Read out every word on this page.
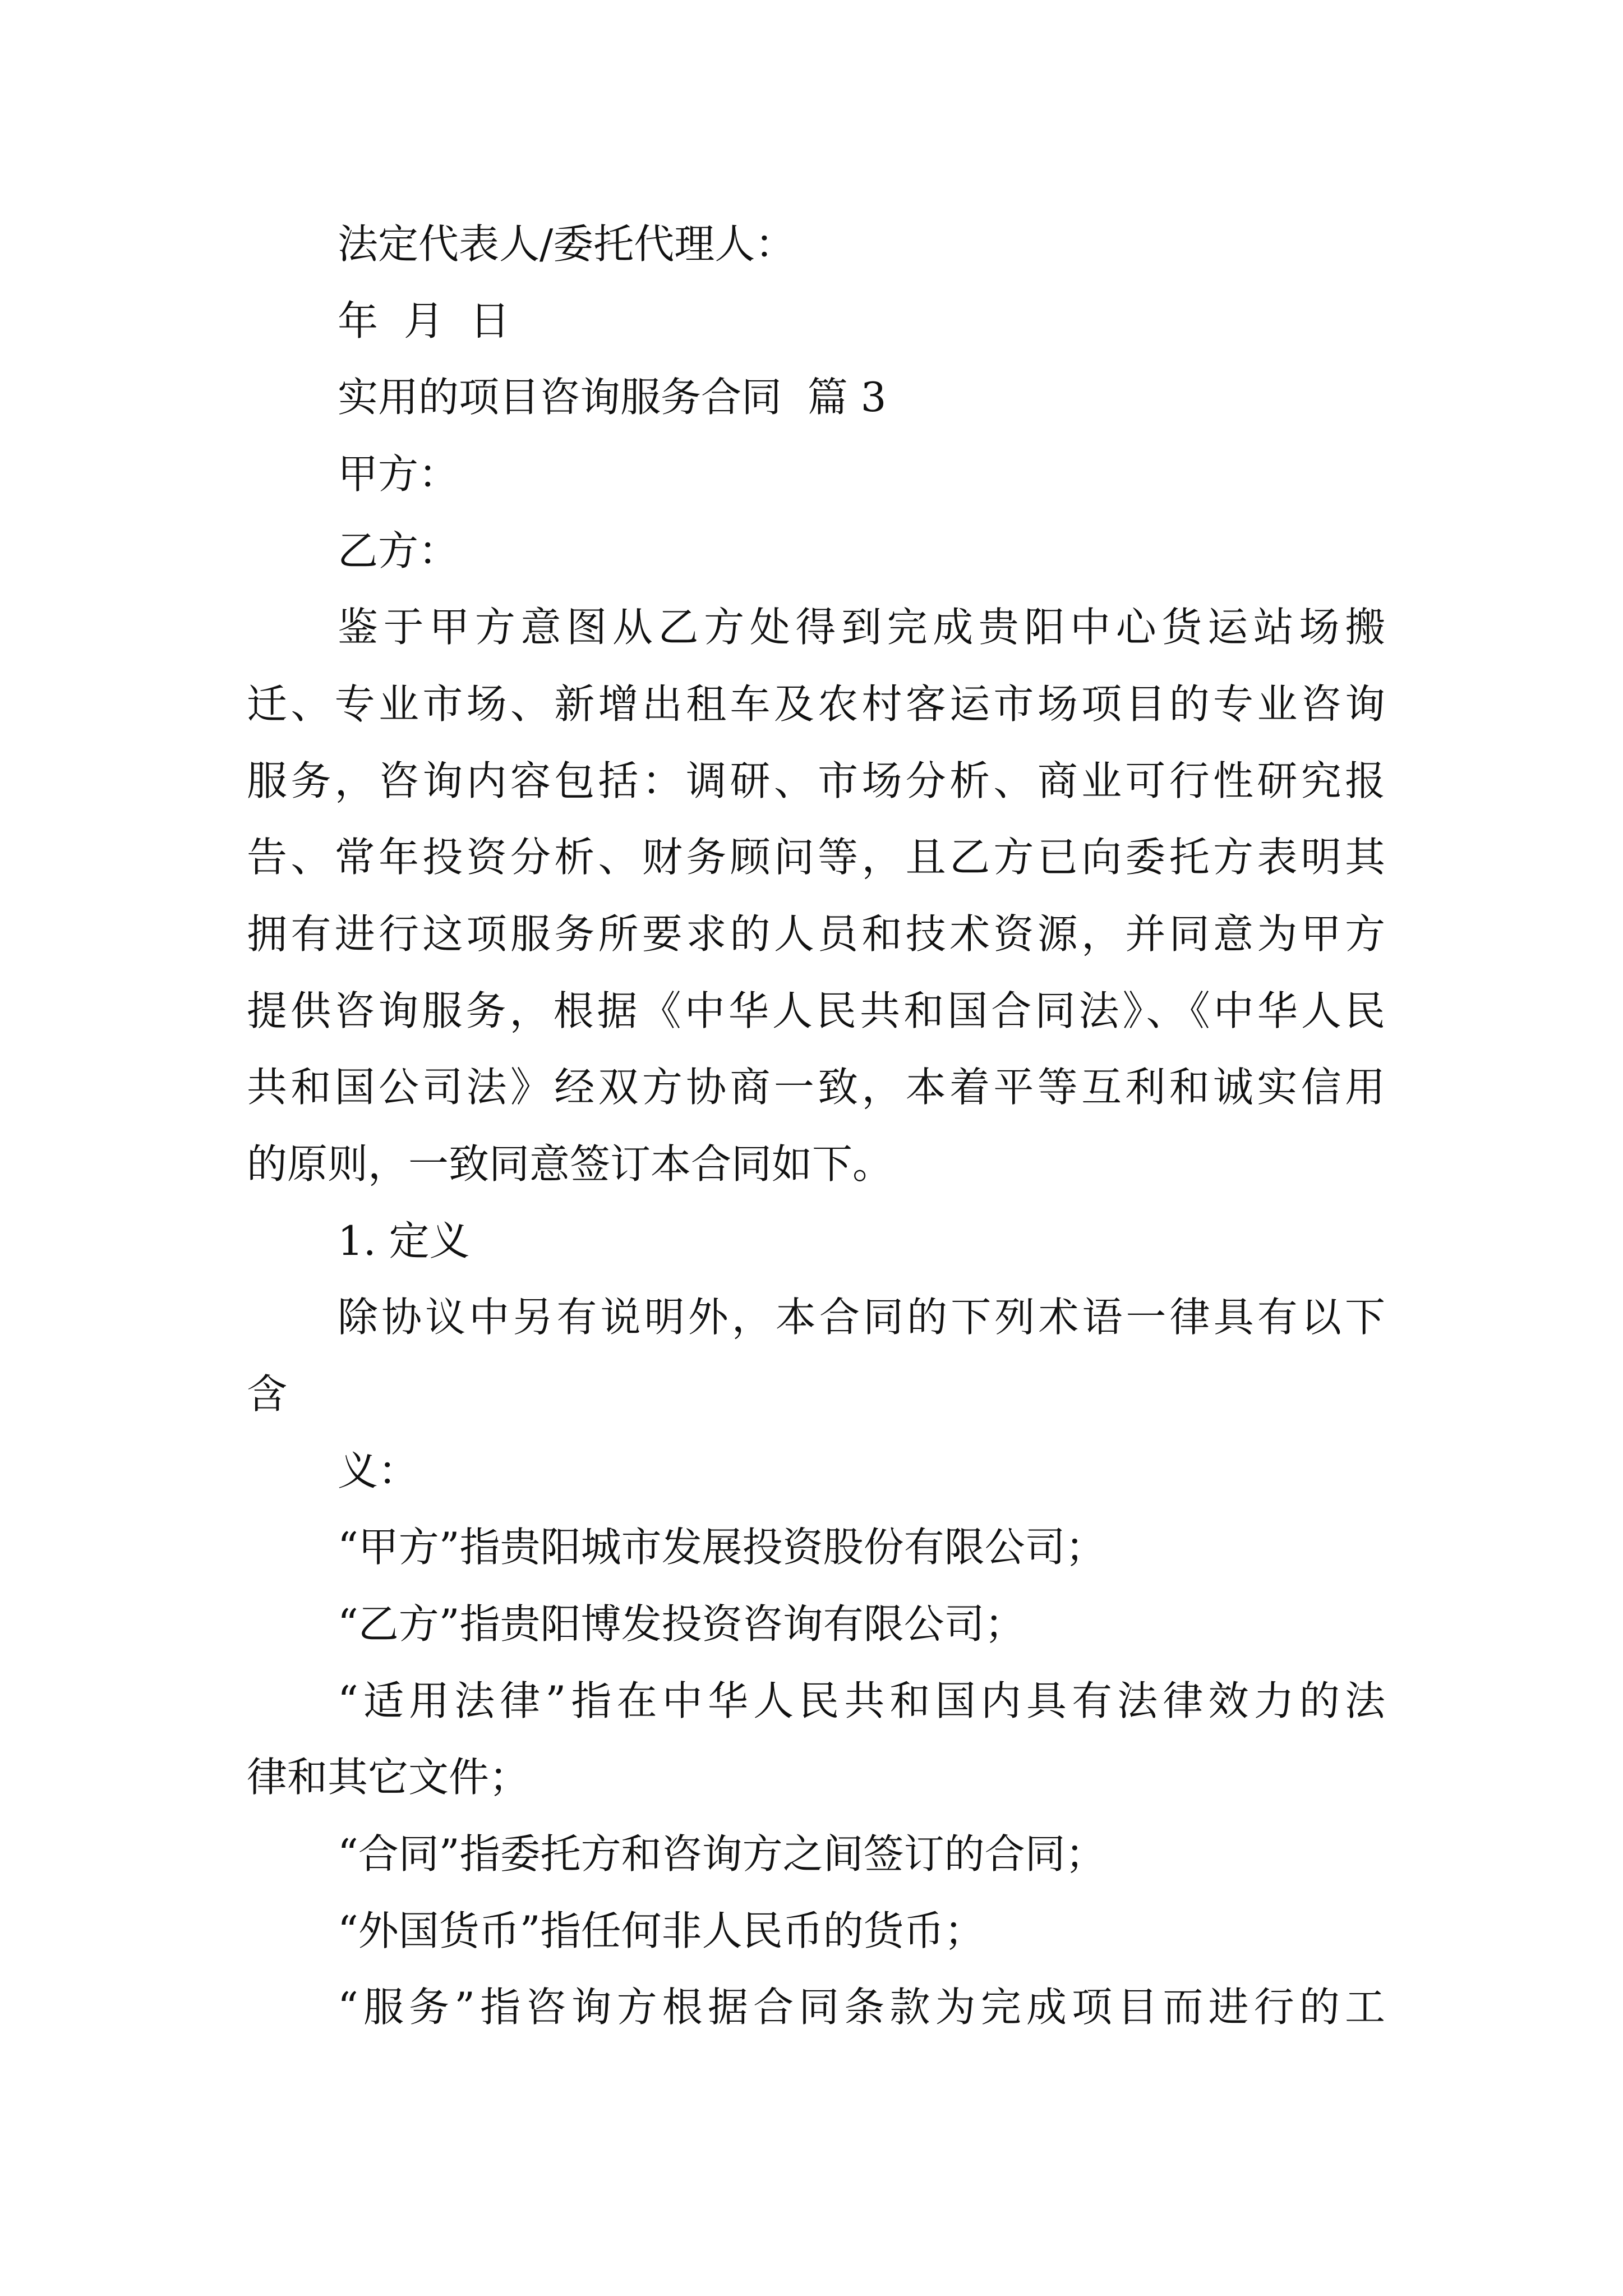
法定代表人/委托代理人：

年  月  日

实用的项目咨询服务合同  篇 3

甲方：

乙方：

鉴于甲方意图从乙方处得到完成贵阳中心货运站场搬

迁、专业市场、新增出租车及农村客运市场项目的专业咨询

服务，咨询内容包括：调研、市场分析、商业可行性研究报

告、常年投资分析、财务顾问等，且乙方已向委托方表明其

拥有进行这项服务所要求的人员和技术资源，并同意为甲方

提供咨询服务，根据《中华人民共和国合同法》、《中华人民

共和国公司法》经双方协商一致，本着平等互利和诚实信用

的原则，一致同意签订本合同如下。

1. 定义

除协议中另有说明外，本合同的下列术语一律具有以下

含

义：

“甲方”指贵阳城市发展投资股份有限公司；

“乙方”指贵阳博发投资咨询有限公司；

“适用法律”指在中华人民共和国内具有法律效力的法

律和其它文件；

“合同”指委托方和咨询方之间签订的合同；

“外国货币”指任何非人民币的货币；

“服务”指咨询方根据合同条款为完成项目而进行的工
